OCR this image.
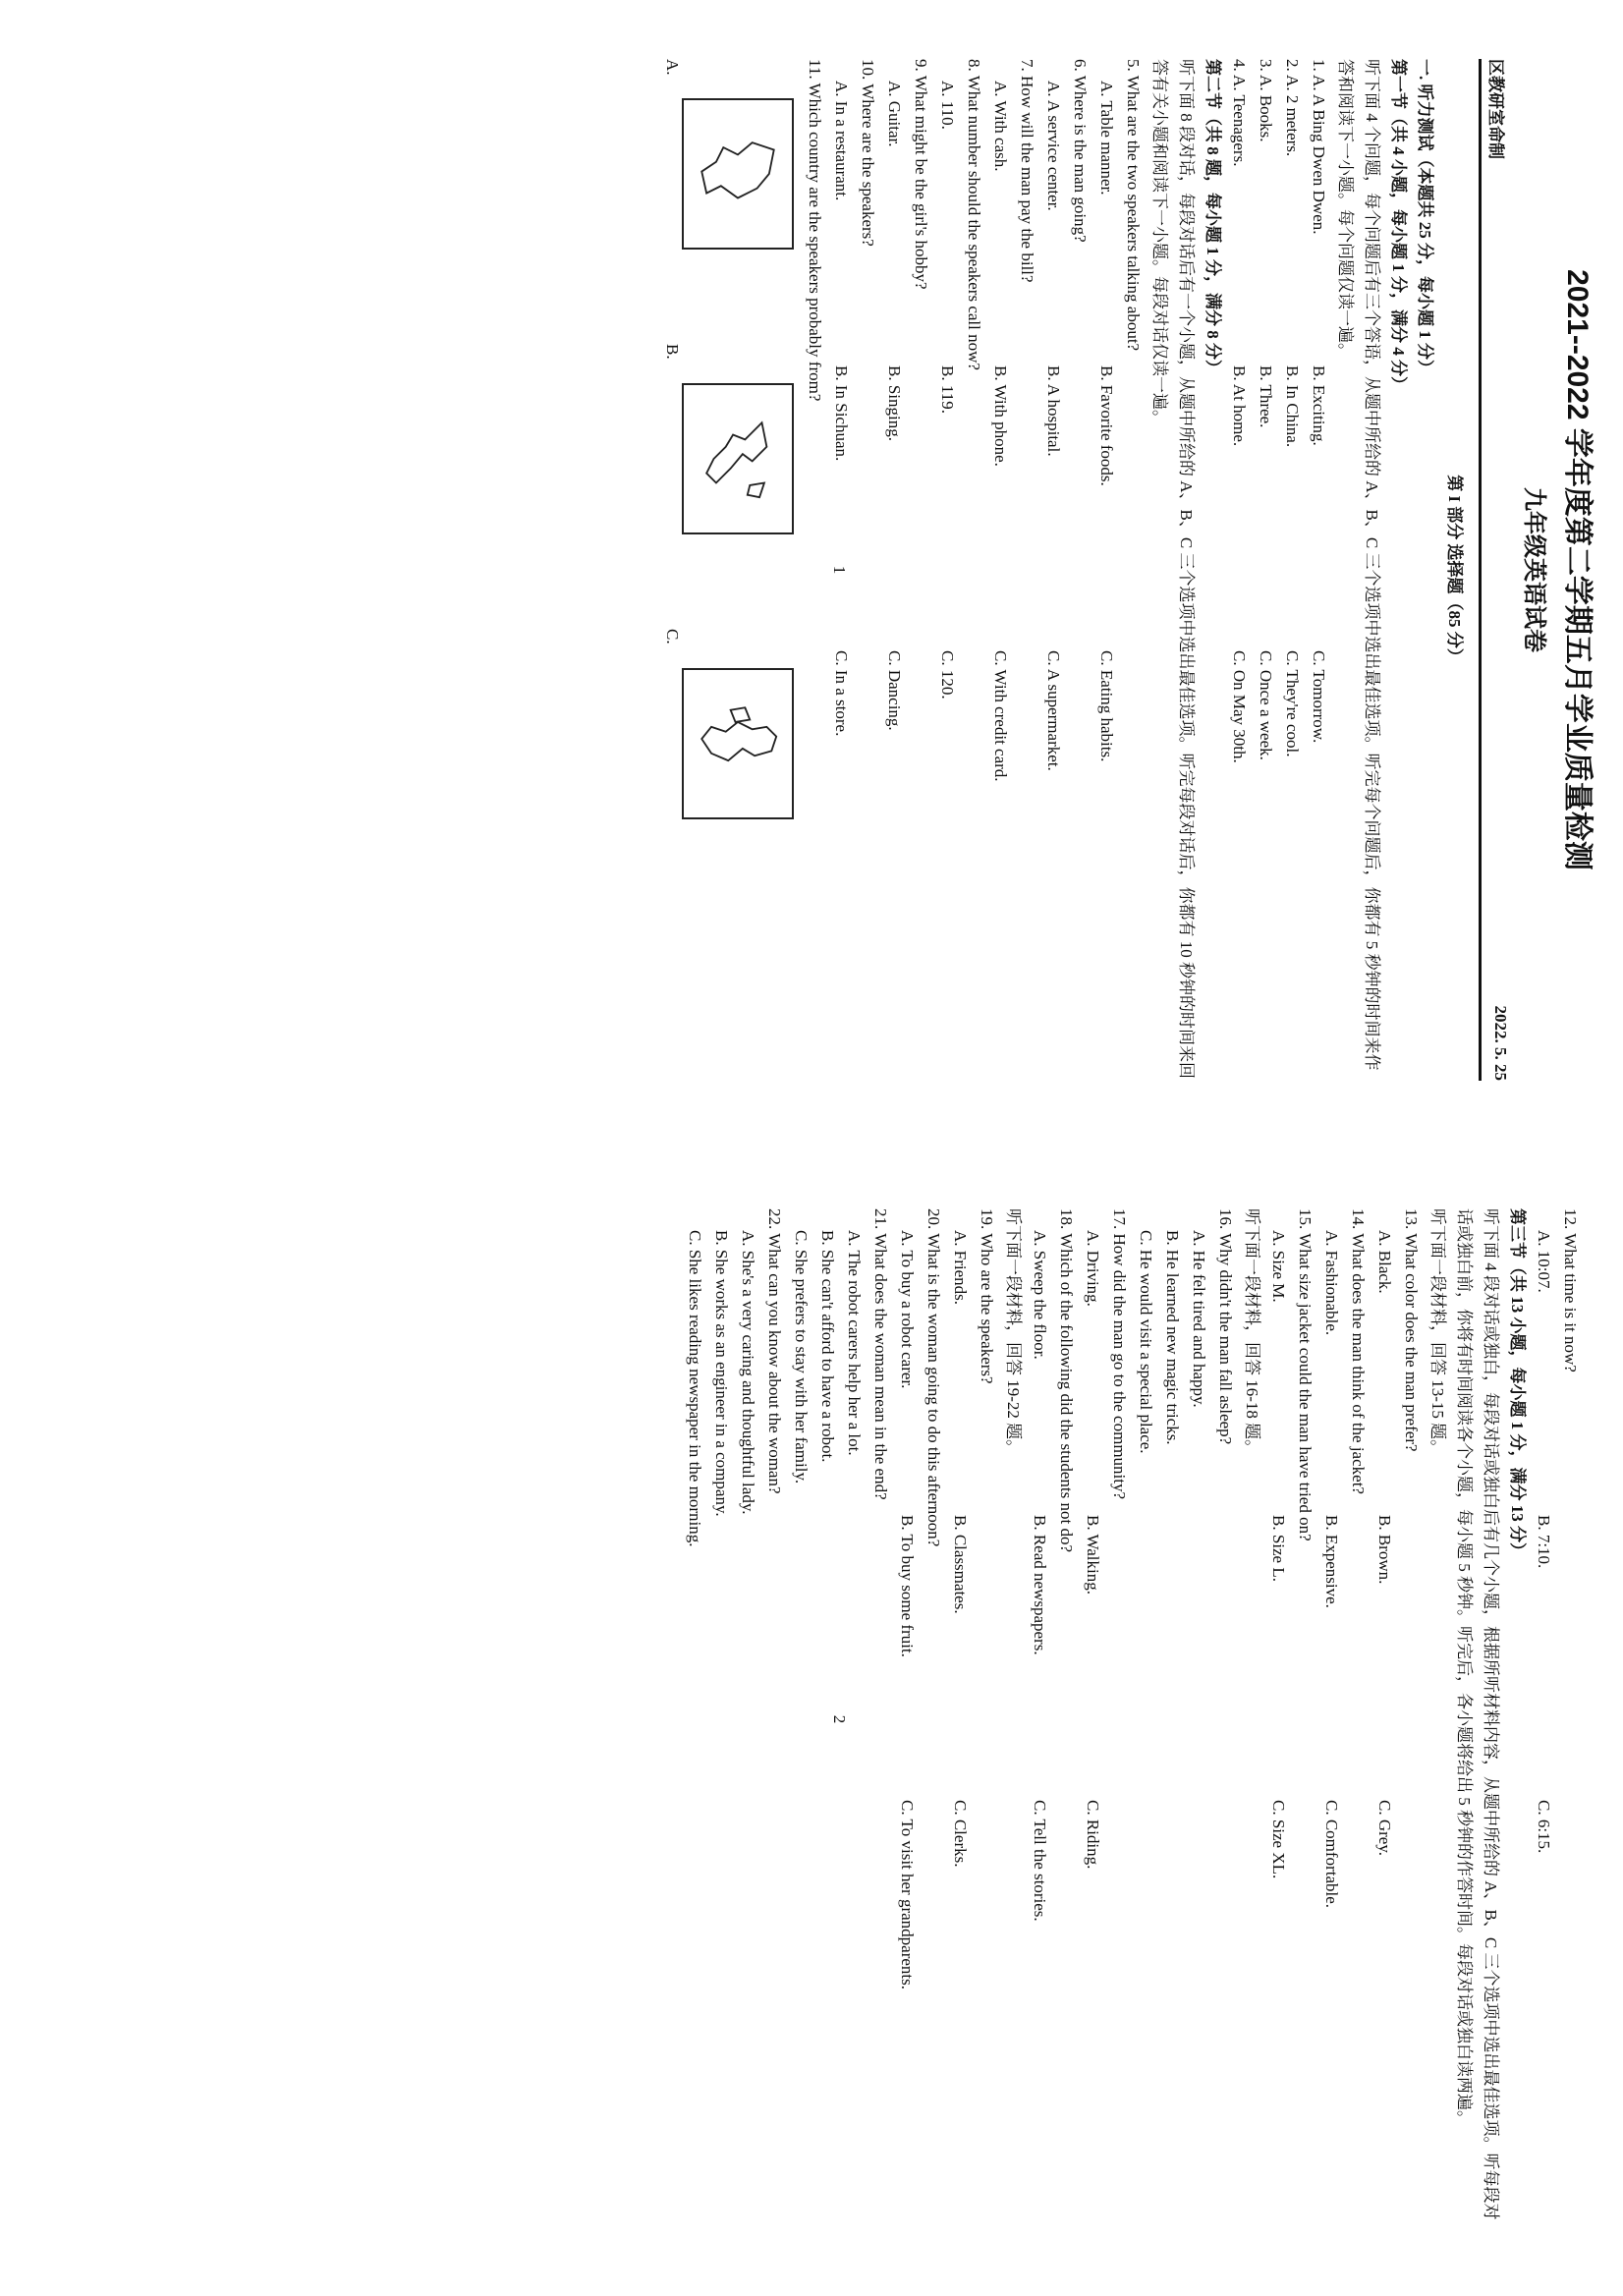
2021--2022 学年度第二学期五月学业质量检测
九年级英语试卷
区教研室命制
2022. 5. 25
第 I 部分 选择题（85 分）

一. 听力测试（本题共 25 分，每小题 1 分）

第一节（共 4 小题，每小题 1 分，满分 4 分）

听下面 4 个问题，每个问题后有三个答语，从题中所给的 A、B、C 三个选项中选出最佳选项。听完每个问题后，你都有 5 秒钟的时间来作答和阅读下一小题。每个问题仅读一遍。

1. A. A Bing Dwen Dwen.
B. Exciting.
C. Tomorrow.
2. A. 2 meters.
B. In China.
C. They're cool.
3. A. Books.
B. Three.
C. Once a week.
4. A. Teenagers.
B. At home.
C. On May 30th.

第二节（共 8 题，每小题 1 分，满分 8 分）

听下面 8 段对话，每段对话后有一个小题，从题中所给的 A、B、C 三个选项中选出最佳选项。听完每段对话后，你都有 10 秒钟的时间来回答有关小题和阅读下一小题。每段对话仅读一遍。

5. What are the two speakers talking about?

A. Table manner.
B. Favorite foods.
C. Eating habits.

6. Where is the man going?

A. A service center.
B. A hospital.
C. A supermarket.

7. How will the man pay the bill?

A. With cash.
B. With phone.
C. With credit card.

8. What number should the speakers call now?

A. 110.
B. 119.
C. 120.

9. What might be the girl's hobby?

A. Guitar.
B. Singing.
C. Dancing.

10. Where are the speakers?

A. In a restaurant.
B. In Sichuan.
C. In a store.

11. Which country are the speakers probably from?

A.
B.
C.
1

12. What time is it now?

A. 10:07.
B. 7:10.
C. 6:15.

第三节（共 13 小题，每小题 1 分，满分 13 分）

听下面 4 段对话或独白，每段对话或独白后有几个小题，根据所听材料内容，从题中所给的 A、B、C 三个选项中选出最佳选项。听每段对话或独白前，你将有时间阅读各个小题，每小题 5 秒钟。听完后，各小题将给出 5 秒钟的作答时间。每段对话或独白读两遍。

听下面一段材料，回答 13-15 题。

13. What color does the man prefer?

A. Black.
B. Brown.
C. Grey.

14. What does the man think of the jacket?

A. Fashionable.
B. Expensive.
C. Comfortable.

15. What size jacket could the man have tried on?

A. Size M.
B. Size L.
C. Size XL.

听下面一段材料，回答 16-18 题。

16. Why didn't the man fall asleep?

A. He felt tired and happy.

B. He learned new magic tricks.

C. He would visit a special place.

17. How did the man go to the community?

A. Driving.
B. Walking.
C. Riding.

18. Which of the following did the students not do?

A. Sweep the floor.
B. Read newspapers.
C. Tell the stories.

听下面一段材料，回答 19-22 题。

19. Who are the speakers?

A. Friends.
B. Classmates.
C. Clerks.

20. What is the woman going to do this afternoon?

A. To buy a robot carer.
B. To buy some fruit.
C. To visit her grandparents.

21. What does the woman mean in the end?

A. The robot carers help her a lot.

B. She can't afford to have a robot.

C. She prefers to stay with her family.

22. What can you know about the woman?

A. She's a very caring and thoughtful lady.

B. She works as an engineer in a company.

C. She likes reading newspaper in the morning.

2
